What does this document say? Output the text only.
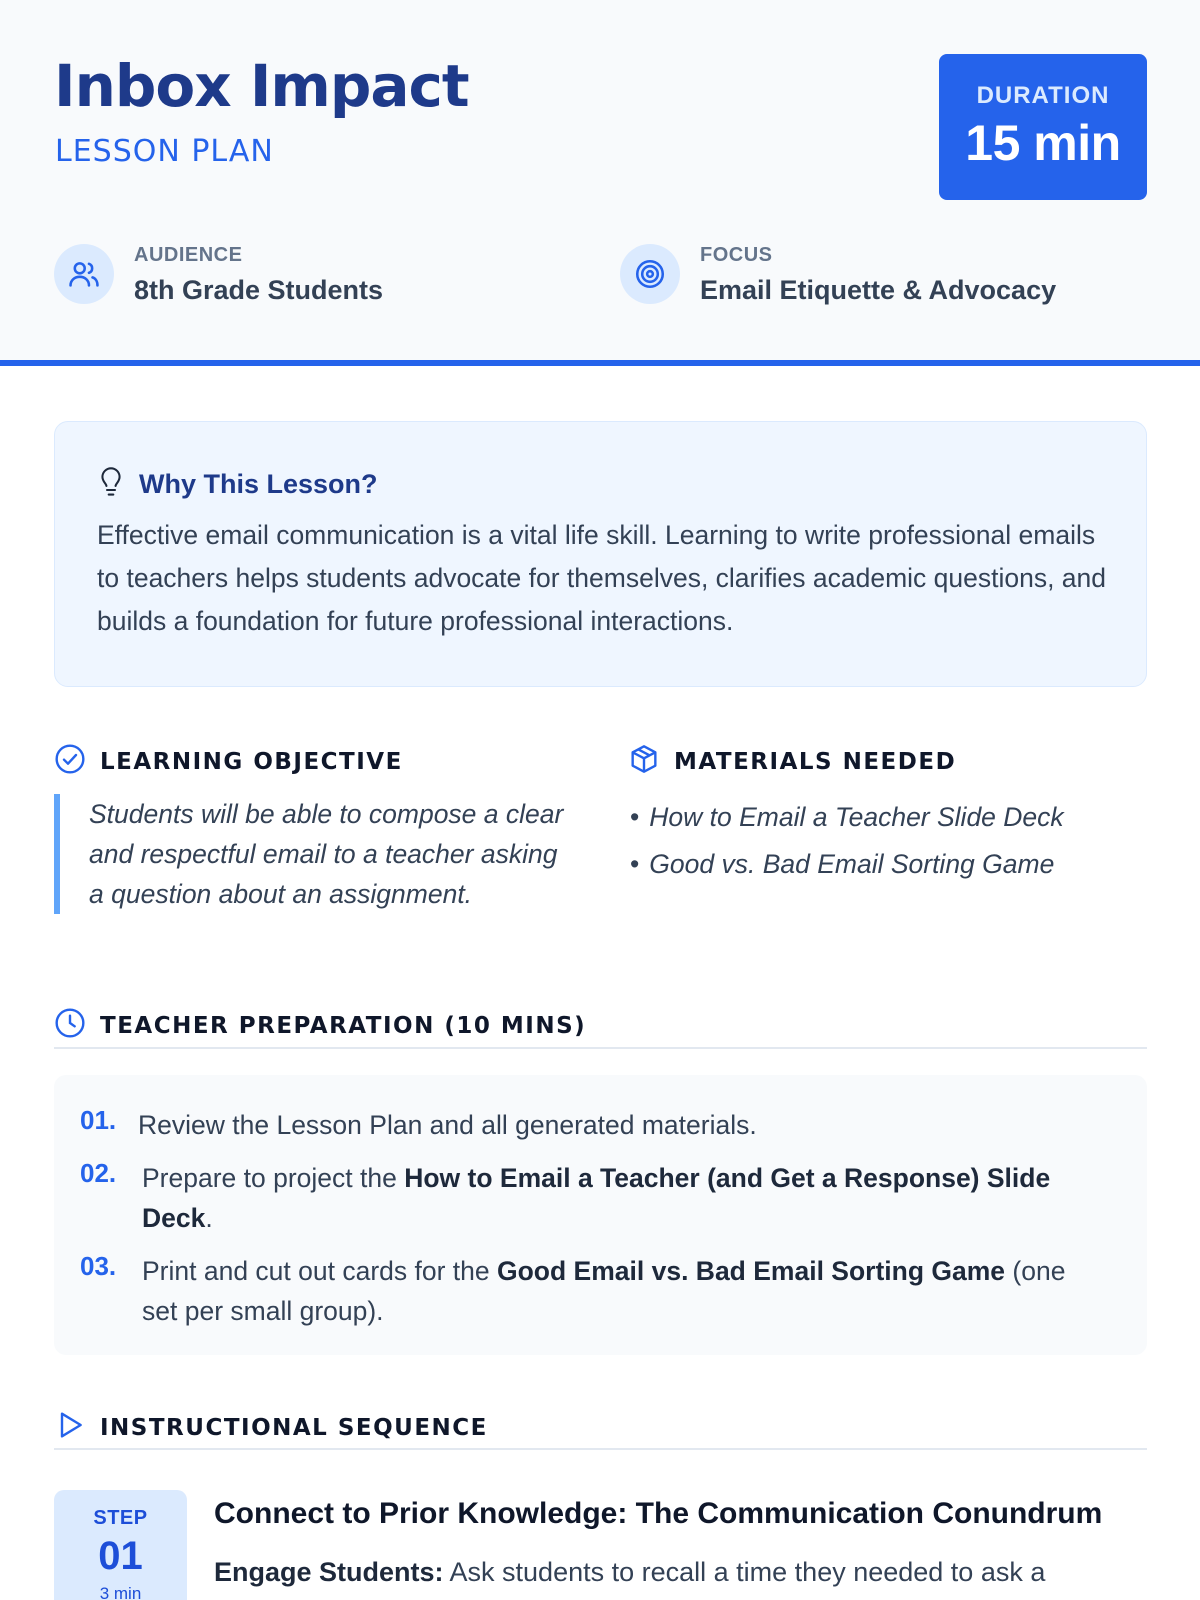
Inbox Impact
LESSON PLAN
DURATION
15 min
AUDIENCE
8th Grade Students
FOCUS
Email Etiquette & Advocacy
Why This Lesson?
Effective email communication is a vital life skill. Learning to write professional emails to teachers helps students advocate for themselves, clarifies academic questions, and builds a foundation for future professional interactions.
LEARNING OBJECTIVE
Students will be able to compose a clear and respectful email to a teacher asking a question about an assignment.
MATERIALS NEEDED
• How to Email a Teacher Slide Deck
• Good vs. Bad Email Sorting Game
TEACHER PREPARATION (10 MINS)
01. Review the Lesson Plan and all generated materials.
02. Prepare to project the How to Email a Teacher (and Get a Response) Slide Deck.
03. Print and cut out cards for the Good Email vs. Bad Email Sorting Game (one set per small group).
INSTRUCTIONAL SEQUENCE
STEP
01
3 min
Connect to Prior Knowledge: The Communication Conundrum
Engage Students: Ask students to recall a time they needed to ask a
